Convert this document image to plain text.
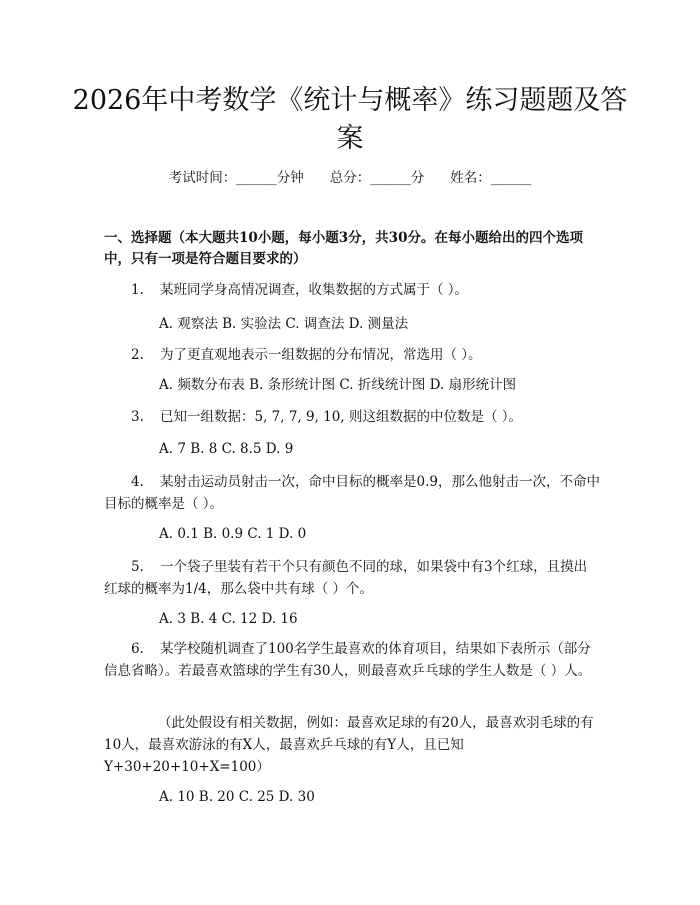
2026年中考数学《统计与概率》练习题题及答案
考试时间：______分钟 总分：______分 姓名：______

一、选择题（本大题共10小题，每小题3分，共30分。在每小题给出的四个选项中，只有一项是符合题目要求的）

1. 某班同学身高情况调查，收集数据的方式属于（ ）。

A. 观察法 B. 实验法 C. 调查法 D. 测量法

2. 为了更直观地表示一组数据的分布情况，常选用（ ）。

A. 频数分布表 B. 条形统计图 C. 折线统计图 D. 扇形统计图

3. 已知一组数据：5, 7, 7, 9, 10, 则这组数据的中位数是（ ）。

A. 7 B. 8 C. 8.5 D. 9

4. 某射击运动员射击一次，命中目标的概率是0.9，那么他射击一次，不命中目标的概率是（ ）。

A. 0.1 B. 0.9 C. 1 D. 0

5. 一个袋子里装有若干个只有颜色不同的球，如果袋中有3个红球，且摸出红球的概率为1/4，那么袋中共有球（ ）个。

A. 3 B. 4 C. 12 D. 16

6. 某学校随机调查了100名学生最喜欢的体育项目，结果如下表所示（部分信息省略）。若最喜欢篮球的学生有30人，则最喜欢乒乓球的学生人数是（ ）人。

（此处假设有相关数据，例如：最喜欢足球的有20人，最喜欢羽毛球的有10人，最喜欢游泳的有X人，最喜欢乒乓球的有Y人，且已知Y+30+20+10+X=100）

A. 10 B. 20 C. 25 D. 30
